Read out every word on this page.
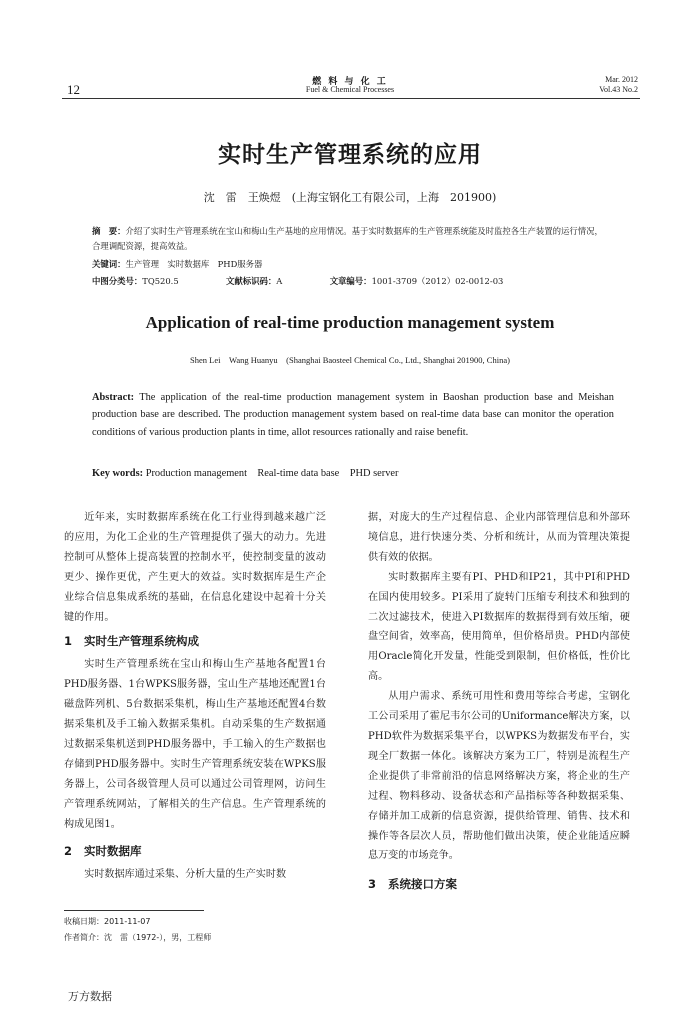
12	燃 料 与 化 工
Fuel & Chemical Processes
Mar. 2012
Vol.43 No.2
实时生产管理系统的应用
沈　雷　王焕煜　(上海宝钢化工有限公司，上海　201900)
摘　要：介绍了实时生产管理系统在宝山和梅山生产基地的应用情况。基于实时数据库的生产管理系统能及时监控各生产装置的运行情况，合理调配资源，提高效益。
关键词：生产管理　实时数据库　PHD服务器
中图分类号：TQ520.5	文献标识码：A	文章编号：1001-3709（2012）02-0012-03
Application of real-time production management system
Shen Lei　Wang Huanyu　(Shanghai Baosteel Chemical Co., Ltd., Shanghai 201900, China)
Abstract: The application of the real-time production management system in Baoshan production base and Meishan production base are described. The production management system based on real-time data base can monitor the operation conditions of various production plants in time, allot resources rationally and raise benefit.
Key words: Production management　Real-time data base　PHD server

近年来，实时数据库系统在化工行业得到越来越广泛的应用，为化工企业的生产管理提供了强大的动力。先进控制可从整体上提高装置的控制水平，使控制变量的波动更少、操作更优，产生更大的效益。实时数据库是生产企业综合信息集成系统的基础，在信息化建设中起着十分关键的作用。

1 实时生产管理系统构成

实时生产管理系统在宝山和梅山生产基地各配置1台PHD服务器、1台WPKS服务器，宝山生产基地还配置1台磁盘阵列机、5台数据采集机，梅山生产基地还配置4台数据采集机及手工输入数据采集机。自动采集的生产数据通过数据采集机送到PHD服务器中，手工输入的生产数据也存储到PHD服务器中。实时生产管理系统安装在WPKS服务器上，公司各级管理人员可以通过公司管理网，访问生产管理系统网站，了解相关的生产信息。生产管理系统的构成见图1。

2 实时数据库

实时数据库通过采集、分析大量的生产实时数

据，对庞大的生产过程信息、企业内部管理信息和外部环境信息，进行快速分类、分析和统计，从而为管理决策提供有效的依据。

实时数据库主要有PI、PHD和IP21，其中PI和PHD在国内使用较多。PI采用了旋转门压缩专利技术和独到的二次过滤技术，使进入PI数据库的数据得到有效压缩，硬盘空间省，效率高，使用简单，但价格昂贵。PHD内部使用Oracle简化开发量，性能受到限制，但价格低，性价比高。

从用户需求、系统可用性和费用等综合考虑，宝钢化工公司采用了霍尼韦尔公司的Uniformance解决方案，以PHD软件为数据采集平台，以WPKS为数据发布平台，实现全厂数据一体化。该解决方案为工厂，特别是流程生产企业提供了非常前沿的信息网络解决方案，将企业的生产过程、物料移动、设备状态和产品指标等各种数据采集、存储并加工成新的信息资源，提供给管理、销售、技术和操作等各层次人员，帮助他们做出决策，使企业能适应瞬息万变的市场竞争。

3 系统接口方案
收稿日期：2011-11-07
作者简介：沈　雷（1972-），男，工程师
万方数据
